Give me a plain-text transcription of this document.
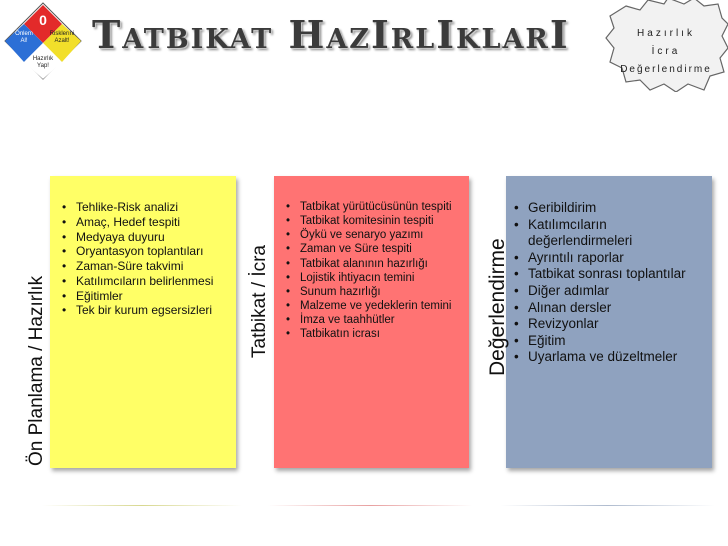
0
Önlem
Al!
Risklerıni
Azalt!
Hazırlık
Yap!
Tatbikat HazIrlIklarI	Hazırlık
İcra
Değerlendirme
Ön Planlama / Hazırlık
• Tehlike-Risk analizi
• Amaç, Hedef tespiti
• Medyaya duyuru
• Oryantasyon toplantıları
• Zaman-Süre takvimi
• Katılımcıların belirlenmesi
• Eğitimler
• Tek bir kurum egsersizleri	Tatbikat / İcra
• Tatbikat yürütücüsünün tespiti
• Tatbikat komitesinin tespiti
• Öykü ve senaryo yazımı
• Zaman ve Süre tespiti
• Tatbikat alanının hazırlığı
• Lojistik ihtiyacın temini
• Sunum hazırlığı
• Malzeme ve yedeklerin temini
• İmza ve taahhütler
• Tatbikatın icrası	Değerlendirme
• Geribildirim
• Katılımcıların değerlendirmeleri
• Ayrıntılı raporlar
• Tatbikat sonrası toplantılar
• Diğer adımlar
• Alınan dersler
• Revizyonlar
• Eğitim
• Uyarlama ve düzeltmeler
